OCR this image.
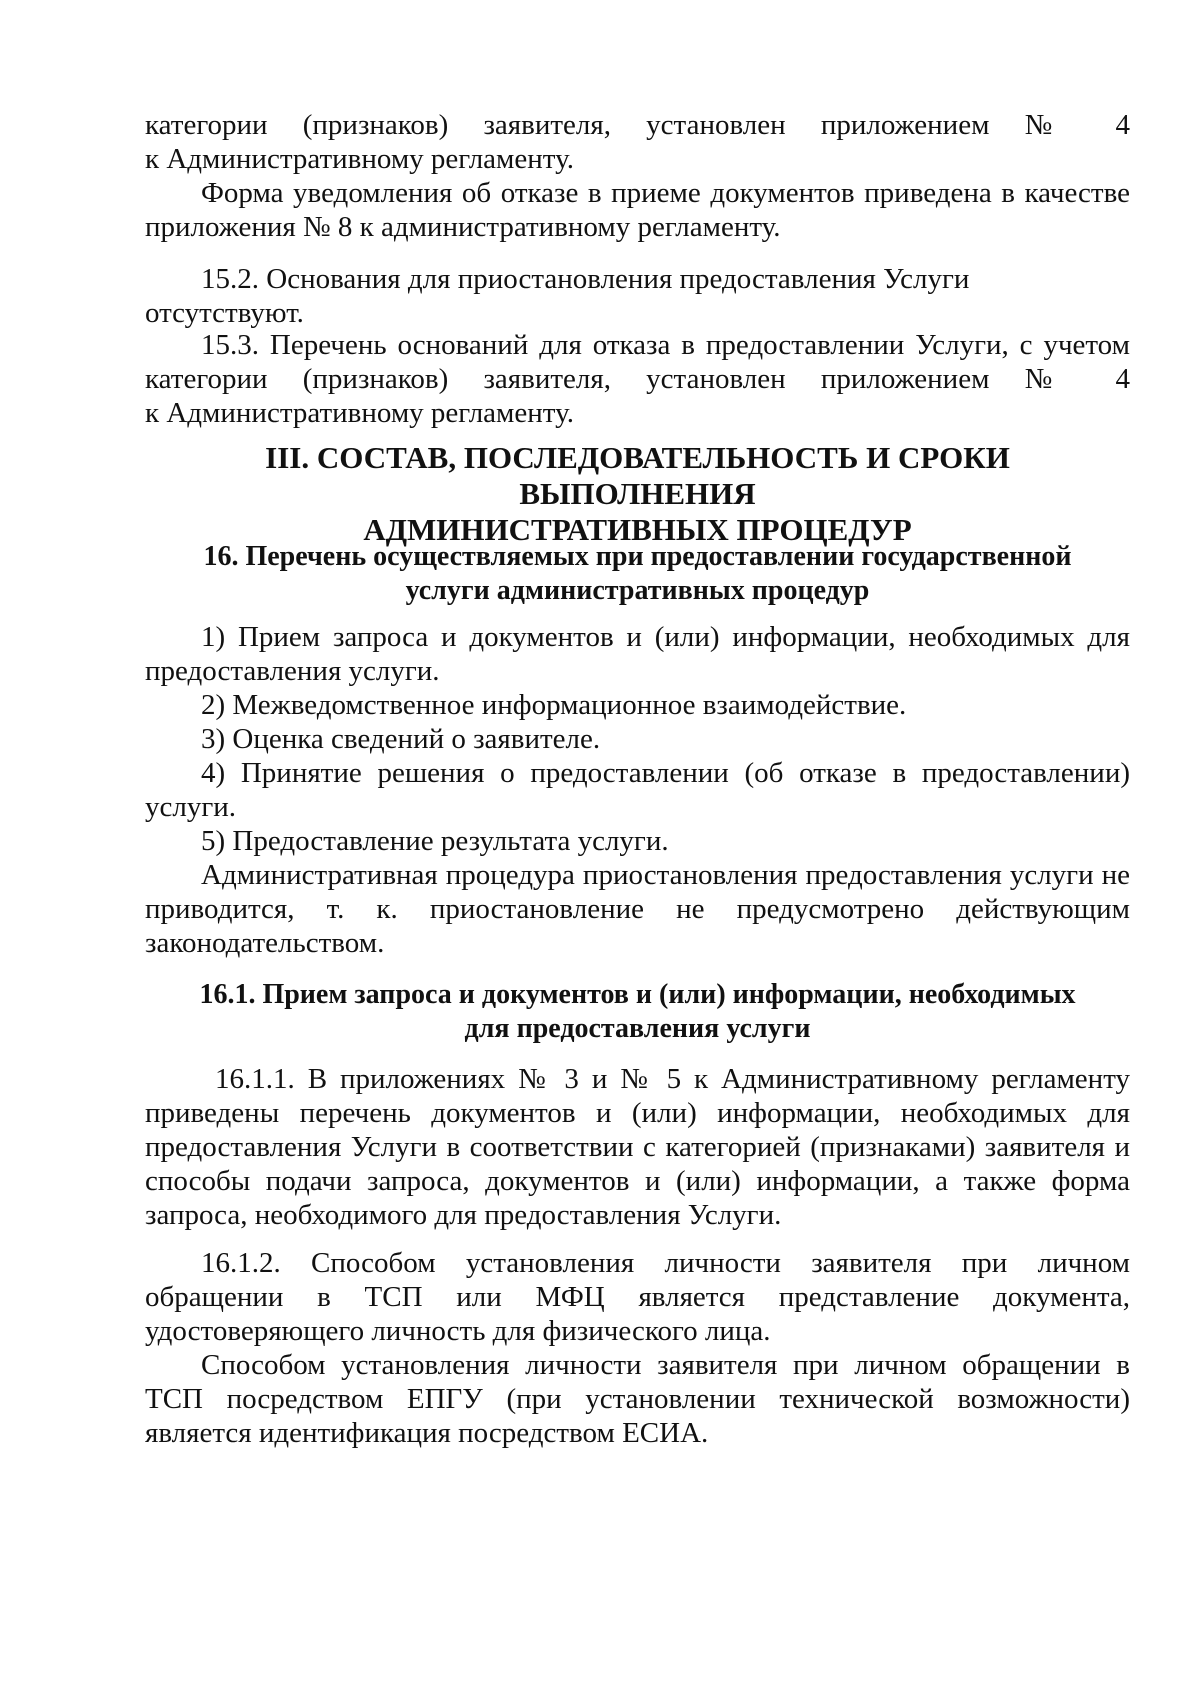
категории (признаков) заявителя, установлен приложением № 4
к Административному регламенту.
Форма уведомления об отказе в приеме документов приведена в качестве приложения № 8 к административному регламенту.
15.2. Основания для приостановления предоставления Услуги отсутствуют.
15.3. Перечень оснований для отказа в предоставлении Услуги, с учетом
категории (признаков) заявителя, установлен приложением № 4
к Административному регламенту.
III. СОСТАВ, ПОСЛЕДОВАТЕЛЬНОСТЬ И СРОКИ ВЫПОЛНЕНИЯ
АДМИНИСТРАТИВНЫХ ПРОЦЕДУР
16. Перечень осуществляемых при предоставлении государственной
услуги административных процедур
1) Прием запроса и документов и (или) информации, необходимых для предоставления услуги.
2) Межведомственное информационное взаимодействие.
3) Оценка сведений о заявителе.
4) Принятие решения о предоставлении (об отказе в предоставлении) услуги.
5) Предоставление результата услуги.
Административная процедура приостановления предоставления услуги не приводится, т. к. приостановление не предусмотрено действующим законодательством.
16.1. Прием запроса и документов и (или) информации, необходимых
для предоставления услуги
16.1.1. В приложениях № 3 и № 5 к Административному регламенту приведены перечень документов и (или) информации, необходимых для предоставления Услуги в соответствии с категорией (признаками) заявителя и способы подачи запроса, документов и (или) информации, а также форма запроса, необходимого для предоставления Услуги.
16.1.2. Способом установления личности заявителя при личном обращении в ТСП или МФЦ является представление документа, удостоверяющего личность для физического лица.
Способом установления личности заявителя при личном обращении в ТСП посредством ЕПГУ (при установлении технической возможности) является идентификация посредством ЕСИА.
